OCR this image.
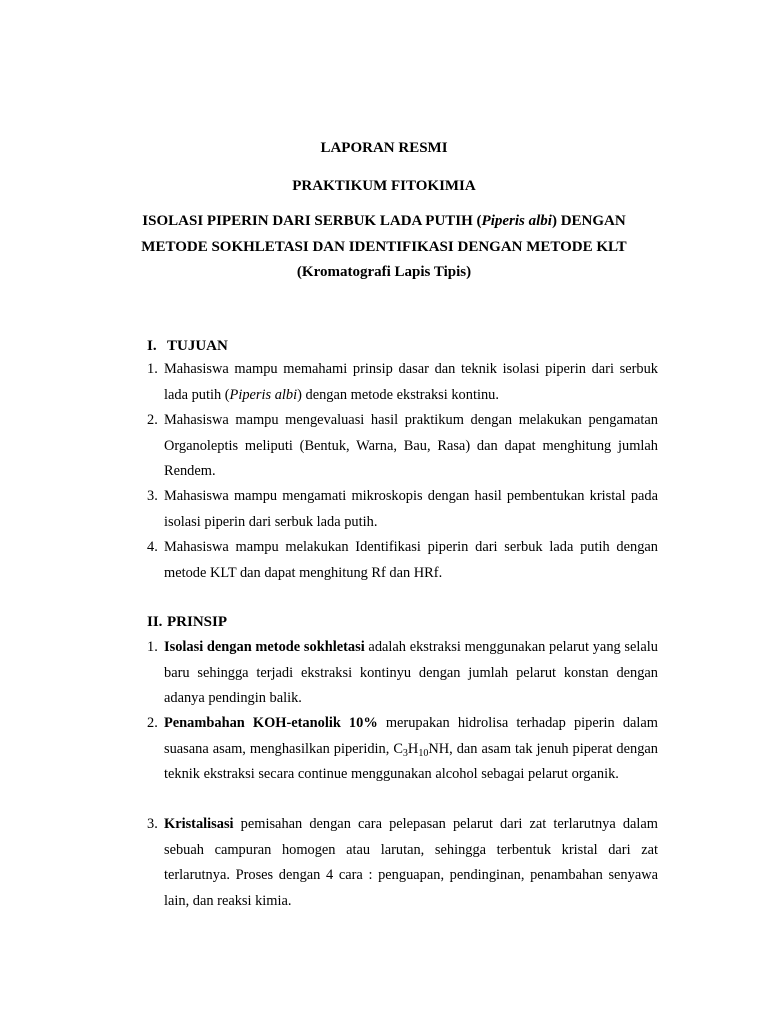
LAPORAN RESMI
PRAKTIKUM FITOKIMIA
ISOLASI PIPERIN DARI SERBUK LADA PUTIH (Piperis albi) DENGAN
METODE SOKHLETASI DAN IDENTIFIKASI DENGAN METODE KLT
(Kromatografi Lapis Tipis)
I. TUJUAN
1. Mahasiswa mampu memahami prinsip dasar dan teknik isolasi piperin dari serbuk lada putih (Piperis albi) dengan metode ekstraksi kontinu.
2. Mahasiswa mampu mengevaluasi hasil praktikum dengan melakukan pengamatan Organoleptis meliputi (Bentuk, Warna, Bau, Rasa) dan dapat menghitung jumlah Rendem.
3. Mahasiswa mampu mengamati mikroskopis dengan hasil pembentukan kristal pada isolasi piperin dari serbuk lada putih.
4. Mahasiswa mampu melakukan Identifikasi piperin dari serbuk lada putih dengan metode KLT dan dapat menghitung Rf dan HRf.
II. PRINSIP
1. Isolasi dengan metode sokhletasi adalah ekstraksi menggunakan pelarut yang selalu baru sehingga terjadi ekstraksi kontinyu dengan jumlah pelarut konstan dengan adanya pendingin balik.
2. Penambahan KOH-etanolik 10% merupakan hidrolisa terhadap piperin dalam suasana asam, menghasilkan piperidin, $C_3H_{10}NH$, dan asam tak jenuh piperat dengan teknik ekstraksi secara continue menggunakan alcohol sebagai pelarut organik.
3. Kristalisasi pemisahan dengan cara pelepasan pelarut dari zat terlarutnya dalam sebuah campuran homogen atau larutan, sehingga terbentuk kristal dari zat terlarutnya. Proses dengan 4 cara : penguapan, pendinginan, penambahan senyawa lain, dan reaksi kimia.
